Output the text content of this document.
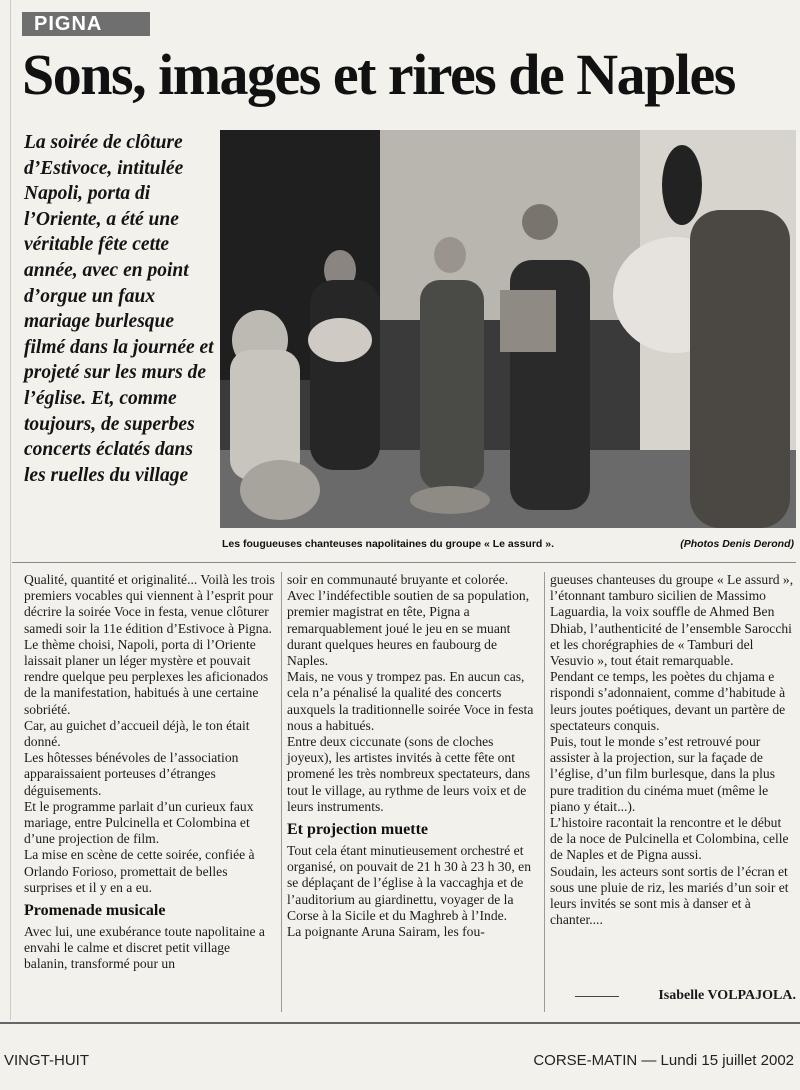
PIGNA
Sons, images et rires de Naples
La soirée de clôture d’Estivoce, intitulée Napoli, porta di l’Oriente, a été une véritable fête cette année, avec en point d’orgue un faux mariage burlesque filmé dans la journée et projeté sur les murs de l’église. Et, comme toujours, de superbes concerts éclatés dans les ruelles du village
Les fougueuses chanteuses napolitaines du groupe « Le assurd ».	(Photos Denis Derond)

Qualité, quantité et originalité... Voilà les trois premiers vocables qui viennent à l’esprit pour décrire la soirée Voce in festa, venue clôturer samedi soir la 11e édition d’Estivoce à Pigna.

Le thème choisi, Napoli, porta di l’Oriente laissait planer un léger mystère et pouvait rendre quelque peu perplexes les aficionados de la manifestation, habitués à une certaine sobriété.

Car, au guichet d’accueil déjà, le ton était donné.

Les hôtesses bénévoles de l’association apparaissaient porteuses d’étranges déguisements.

Et le programme parlait d’un curieux faux mariage, entre Pulcinella et Colombina et d’une projection de film.

La mise en scène de cette soirée, confiée à Orlando Forioso, promettait de belles surprises et il y en a eu.

Promenade musicale

Avec lui, une exubérance toute napolitaine a envahi le calme et discret petit village balanin, transformé pour un

soir en communauté bruyante et colorée.

Avec l’indéfectible soutien de sa population, premier magistrat en tête, Pigna a remarquablement joué le jeu en se muant durant quelques heures en faubourg de Naples.

Mais, ne vous y trompez pas. En aucun cas, cela n’a pénalisé la qualité des concerts auxquels la traditionnelle soirée Voce in festa nous a habitués.

Entre deux ciccunate (sons de cloches joyeux), les artistes invités à cette fête ont promené les très nombreux spectateurs, dans tout le village, au rythme de leurs voix et de leurs instruments.

Et projection muette

Tout cela étant minutieusement orchestré et organisé, on pouvait de 21 h 30 à 23 h 30, en se déplaçant de l’église à la vaccaghja et de l’auditorium au giardinettu, voyager de la Corse à la Sicile et du Maghreb à l’Inde.

La poignante Aruna Sairam, les fou-

gueuses chanteuses du groupe « Le assurd », l’étonnant tamburo sicilien de Massimo Laguardia, la voix souffle de Ahmed Ben Dhiab, l’authenticité de l’ensemble Sarocchi et les chorégraphies de « Tamburi del Vesuvio », tout était remarquable.

Pendant ce temps, les poètes du chjama e rispondi s’adonnaient, comme d’habitude à leurs joutes poétiques, devant un partère de spectateurs conquis.

Puis, tout le monde s’est retrouvé pour assister à la projection, sur la façade de l’église, d’un film burlesque, dans la plus pure tradition du cinéma muet (même le piano y était...).

L’histoire racontait la rencontre et le début de la noce de Pulcinella et Colombina, celle de Naples et de Pigna aussi.

Soudain, les acteurs sont sortis de l’écran et sous une pluie de riz, les mariés d’un soir et leurs invités se sont mis à danser et à chanter....

Isabelle VOLPAJOLA.
VINGT-HUIT	CORSE-MATIN — Lundi 15 juillet 2002
